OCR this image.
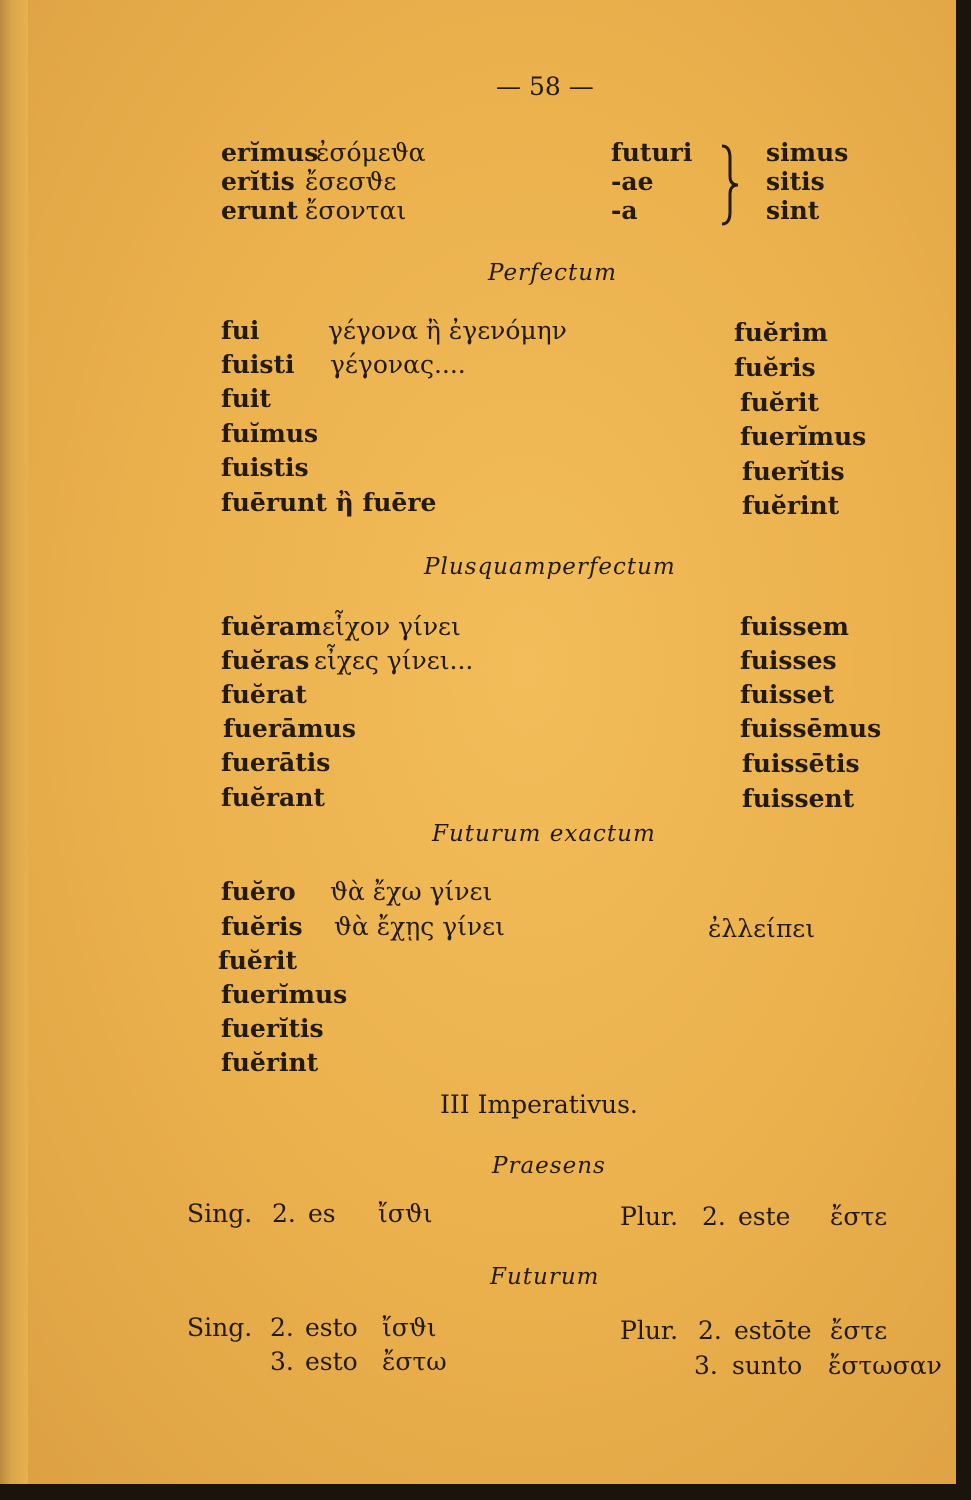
— 58 —
erĭmus
ἐσόμεϑα
erĭtis ἔσεσϑε
erunt ἔσονται
futuri
-ae
-a
simus
sitis
sint
Perfectum
fui
fuisti
fuit
fuĭmus
fuistis
fuērunt ἢ fuēre
γέγονα ἢ ἐγενόμην
γέγονας....
fuĕrim
fuĕris
fuĕrit
fuerĭmus
fuerĭtis
fuĕrint
Plusquamperfectum
fuĕram
fuĕras
fuĕrat
fuerāmus
fuerātis
fuĕrant
εἶχον γίνει
εἶχες γίνει...
fuissem
fuisses
fuisset
fuissēmus
fuissētis
fuissent
Futurum exactum
fuĕro
fuĕris
fuĕrit
fuerĭmus
fuerĭtis
fuĕrint
ϑὰ ἔχω γίνει
ϑὰ ἔχῃς γίνει	ἐλλείπει
III Imperativus.
Praesens
Sing. 2. es ἴσϑι	Plur. 2. este ἔστε
Futurum
Sing. 2. esto ἴσϑι
3. esto ἔστω
Plur. 2. estōte ἔστε
3. sunto ἔστωσαν
